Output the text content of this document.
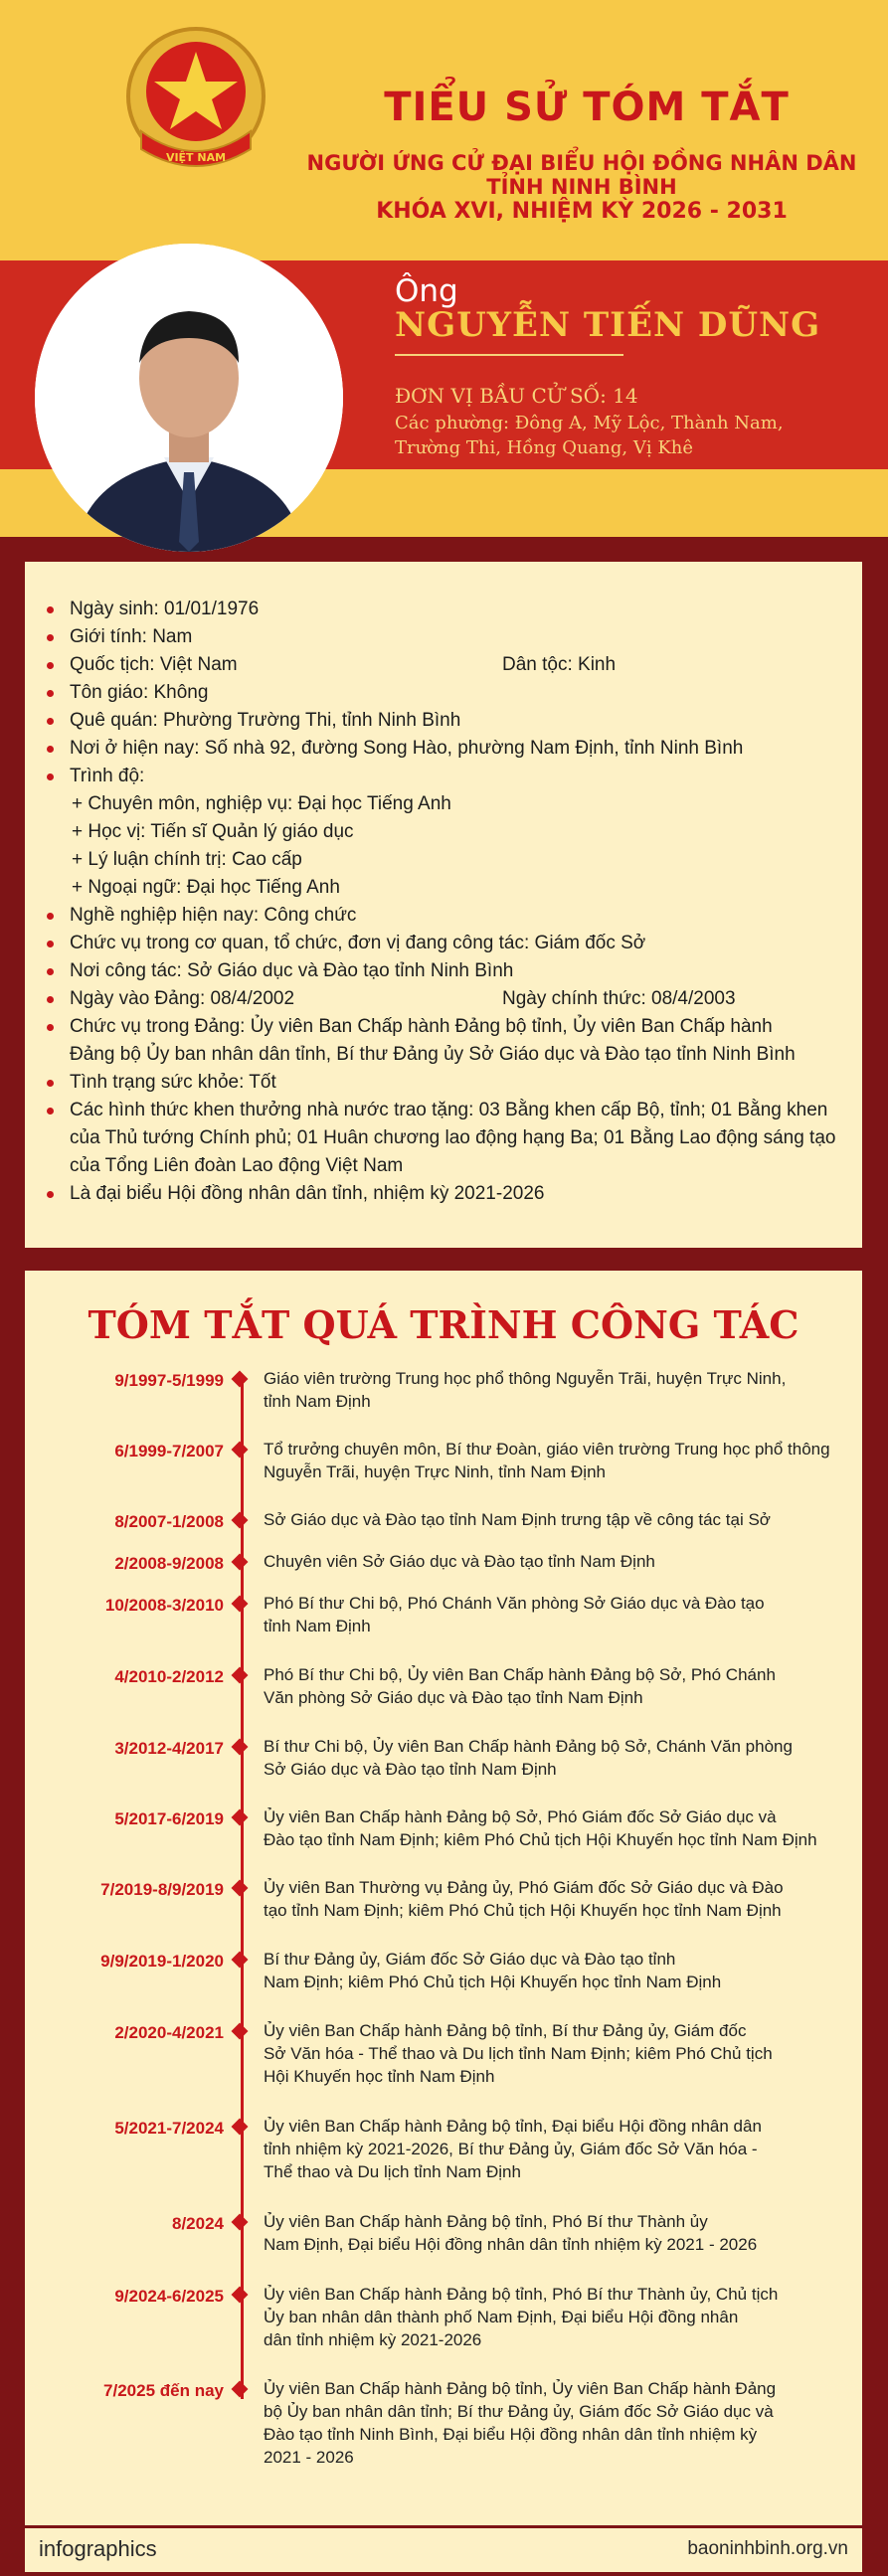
VIỆT NAM
TIỂU SỬ TÓM TẮT
NGƯỜI ỨNG CỬ ĐẠI BIỂU HỘI ĐỒNG NHÂN DÂN TỈNH NINH BÌNH
KHÓA XVI, NHIỆM KỲ 2026 - 2031
Ông
NGUYỄN TIẾN DŨNG
ĐƠN VỊ BẦU CỬ SỐ: 14
Các phường: Đông A, Mỹ Lộc, Thành Nam,
Trường Thi, Hồng Quang, Vị Khê
Ngày sinh: 01/01/1976
Giới tính: Nam
Quốc tịch: Việt Nam	Dân tộc: Kinh
Tôn giáo: Không
Quê quán: Phường Trường Thi, tỉnh Ninh Bình
Nơi ở hiện nay: Số nhà 92, đường Song Hào, phường Nam Định, tỉnh Ninh Bình
Trình độ:
+ Chuyên môn, nghiệp vụ: Đại học Tiếng Anh
+ Học vị: Tiến sĩ Quản lý giáo dục
+ Lý luận chính trị: Cao cấp
+ Ngoại ngữ: Đại học Tiếng Anh
Nghề nghiệp hiện nay: Công chức
Chức vụ trong cơ quan, tổ chức, đơn vị đang công tác: Giám đốc Sở
Nơi công tác: Sở Giáo dục và Đào tạo tỉnh Ninh Bình
Ngày vào Đảng: 08/4/2002	Ngày chính thức: 08/4/2003
Chức vụ trong Đảng: Ủy viên Ban Chấp hành Đảng bộ tỉnh, Ủy viên Ban Chấp hành
Đảng bộ Ủy ban nhân dân tỉnh, Bí thư Đảng ủy Sở Giáo dục và Đào tạo tỉnh Ninh Bình
Tình trạng sức khỏe: Tốt
Các hình thức khen thưởng nhà nước trao tặng: 03 Bằng khen cấp Bộ, tỉnh; 01 Bằng khen
của Thủ tướng Chính phủ; 01 Huân chương lao động hạng Ba; 01 Bằng Lao động sáng tạo
của Tổng Liên đoàn Lao động Việt Nam
Là đại biểu Hội đồng nhân dân tỉnh, nhiệm kỳ 2021-2026
TÓM TẮT QUÁ TRÌNH CÔNG TÁC
9/1997-5/1999 Giáo viên trường Trung học phổ thông Nguyễn Trãi, huyện Trực Ninh,
tỉnh Nam Định
6/1999-7/2007 Tổ trưởng chuyên môn, Bí thư Đoàn, giáo viên trường Trung học phổ thông
Nguyễn Trãi, huyện Trực Ninh, tỉnh Nam Định
8/2007-1/2008 Sở Giáo dục và Đào tạo tỉnh Nam Định trưng tập về công tác tại Sở
2/2008-9/2008 Chuyên viên Sở Giáo dục và Đào tạo tỉnh Nam Định
10/2008-3/2010 Phó Bí thư Chi bộ, Phó Chánh Văn phòng Sở Giáo dục và Đào tạo
tỉnh Nam Định
4/2010-2/2012 Phó Bí thư Chi bộ, Ủy viên Ban Chấp hành Đảng bộ Sở, Phó Chánh
Văn phòng Sở Giáo dục và Đào tạo tỉnh Nam Định
3/2012-4/2017 Bí thư Chi bộ, Ủy viên Ban Chấp hành Đảng bộ Sở, Chánh Văn phòng
Sở Giáo dục và Đào tạo tỉnh Nam Định
5/2017-6/2019 Ủy viên Ban Chấp hành Đảng bộ Sở, Phó Giám đốc Sở Giáo dục và
Đào tạo tỉnh Nam Định; kiêm Phó Chủ tịch Hội Khuyến học tỉnh Nam Định
7/2019-8/9/2019 Ủy viên Ban Thường vụ Đảng ủy, Phó Giám đốc Sở Giáo dục và Đào
tạo tỉnh Nam Định; kiêm Phó Chủ tịch Hội Khuyến học tỉnh Nam Định
9/9/2019-1/2020 Bí thư Đảng ủy, Giám đốc Sở Giáo dục và Đào tạo tỉnh
Nam Định; kiêm Phó Chủ tịch Hội Khuyến học tỉnh Nam Định
2/2020-4/2021 Ủy viên Ban Chấp hành Đảng bộ tỉnh, Bí thư Đảng ủy, Giám đốc
Sở Văn hóa - Thể thao và Du lịch tỉnh Nam Định; kiêm Phó Chủ tịch
Hội Khuyến học tỉnh Nam Định
5/2021-7/2024 Ủy viên Ban Chấp hành Đảng bộ tỉnh, Đại biểu Hội đồng nhân dân
tỉnh nhiệm kỳ 2021-2026, Bí thư Đảng ủy, Giám đốc Sở Văn hóa -
Thể thao và Du lịch tỉnh Nam Định
8/2024 Ủy viên Ban Chấp hành Đảng bộ tỉnh, Phó Bí thư Thành ủy
Nam Định, Đại biểu Hội đồng nhân dân tỉnh nhiệm kỳ 2021 - 2026
9/2024-6/2025 Ủy viên Ban Chấp hành Đảng bộ tỉnh, Phó Bí thư Thành ủy, Chủ tịch
Ủy ban nhân dân thành phố Nam Định, Đại biểu Hội đồng nhân
dân tỉnh nhiệm kỳ 2021-2026
7/2025 đến nay Ủy viên Ban Chấp hành Đảng bộ tỉnh, Ủy viên Ban Chấp hành Đảng
bộ Ủy ban nhân dân tỉnh; Bí thư Đảng ủy, Giám đốc Sở Giáo dục và
Đào tạo tỉnh Ninh Bình, Đại biểu Hội đồng nhân dân tỉnh nhiệm kỳ
2021 - 2026
infographics	baoninhbinh.org.vn
